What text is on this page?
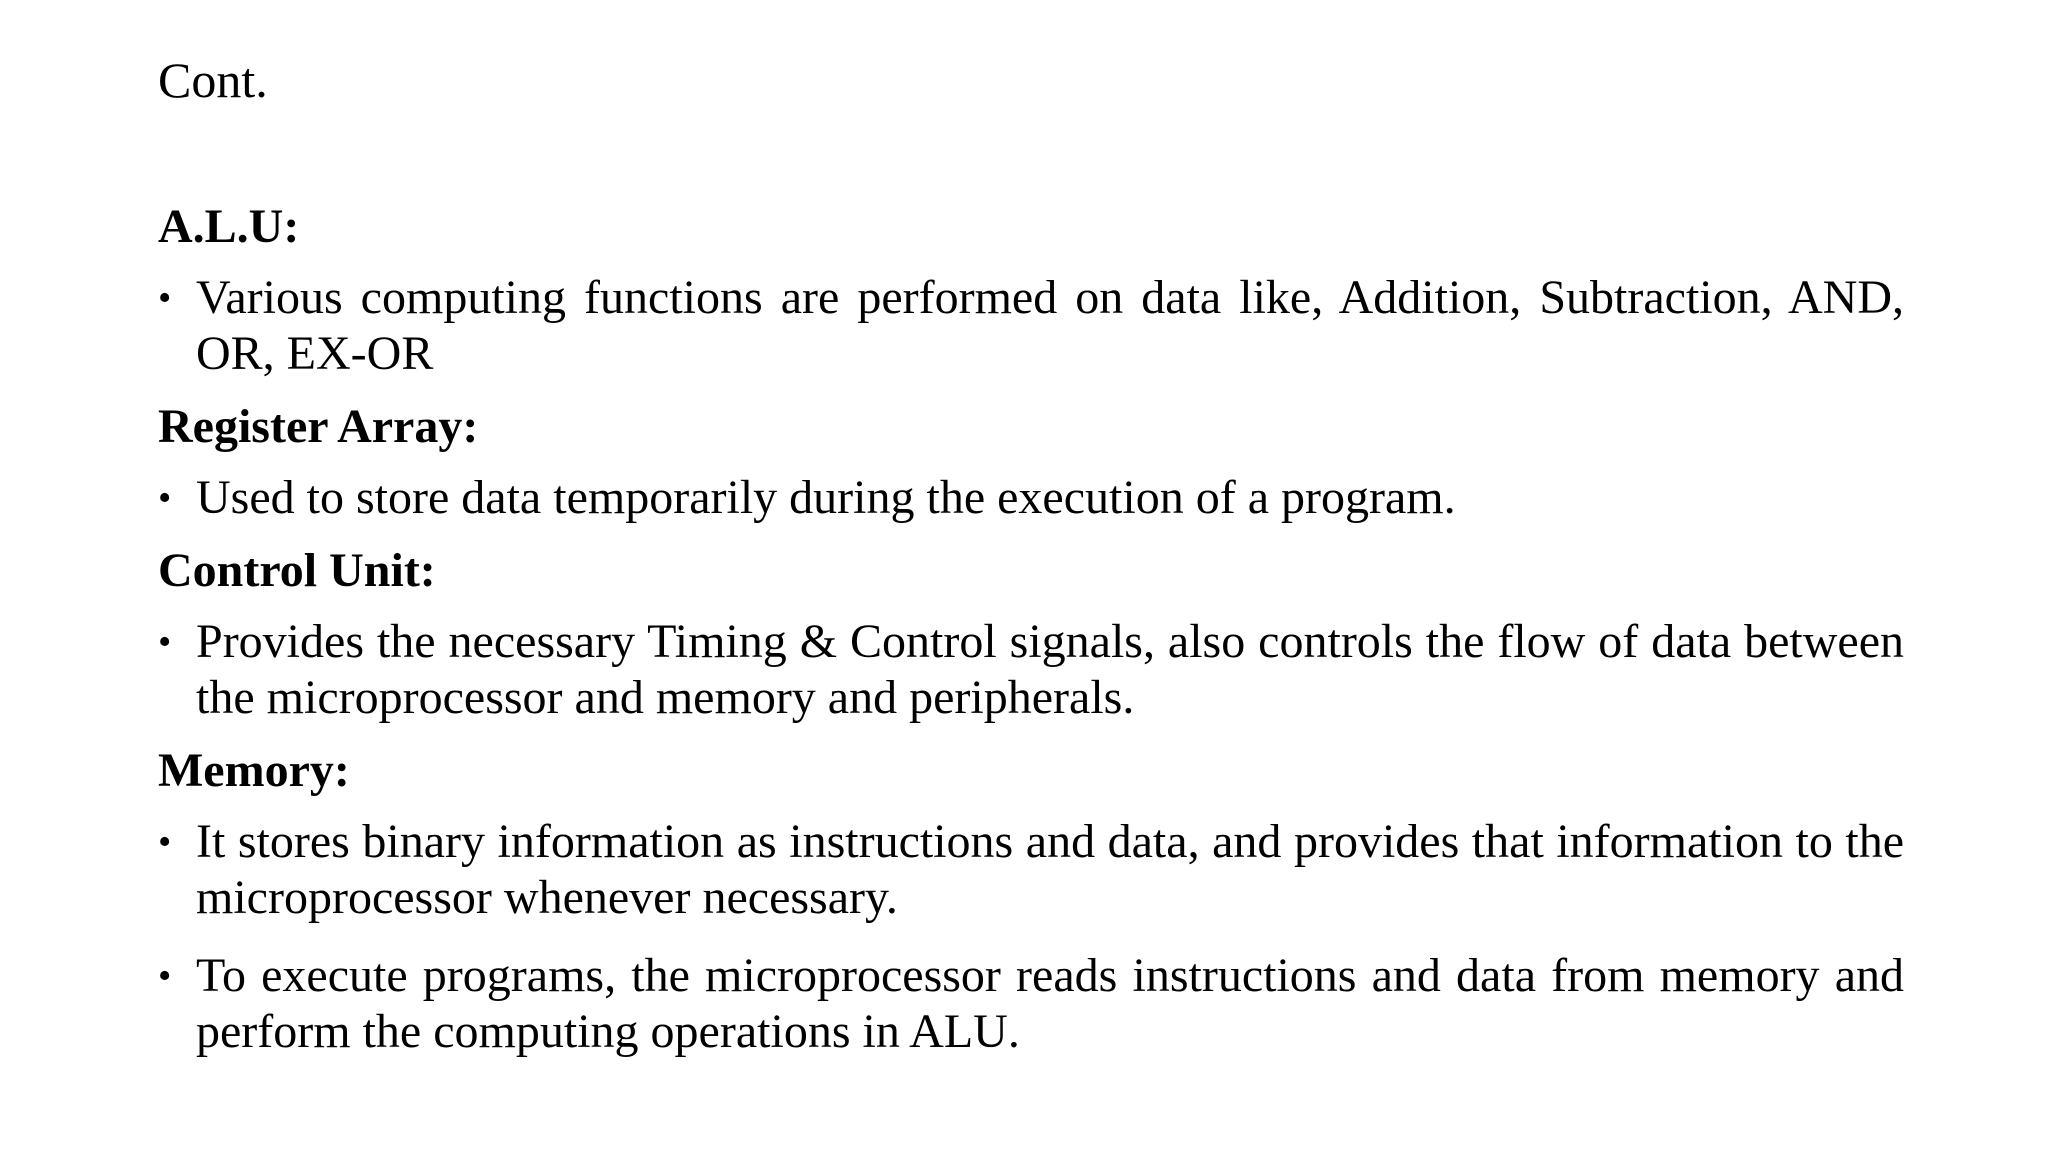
Cont.
A.L.U:
• Various computing functions are performed on data like, Addition, Subtraction, AND, OR, EX-OR
Register Array:
• Used to store data temporarily during the execution of a program.
Control Unit:
• Provides the necessary Timing & Control signals, also controls the flow of data between the microprocessor and memory and peripherals.
Memory:
• It stores binary information as instructions and data, and provides that information to the microprocessor whenever necessary.
• To execute programs, the microprocessor reads instructions and data from memory and perform the computing operations in ALU.
